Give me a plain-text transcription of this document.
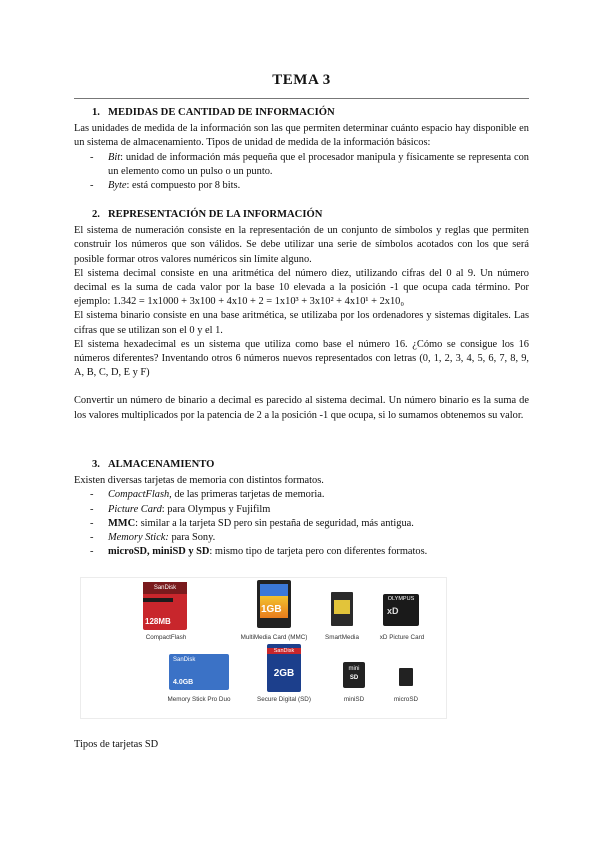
TEMA 3
1. MEDIDAS DE CANTIDAD DE INFORMACIÓN

Las unidades de medida de la información son las que permiten determinar cuánto espacio hay disponible en un sistema de almacenamiento. Tipos de unidad de medida de la información básicos:

- Bit: unidad de información más pequeña que el procesador manipula y físicamente se representa con un elemento como un pulso o un punto.
- Byte: está compuesto por 8 bits.
2. REPRESENTACIÓN DE LA INFORMACIÓN

El sistema de numeración consiste en la representación de un conjunto de símbolos y reglas que permiten construir los números que son válidos. Se debe utilizar una serie de símbolos acotados con los que será posible formar otros valores numéricos sin límite alguno.

El sistema decimal consiste en una aritmética del número diez, utilizando cifras del 0 al 9. Un número decimal es la suma de cada valor por la base 10 elevada a la posición -1 que ocupa cada término. Por ejemplo: 1.342 = 1x1000 + 3x100 + 4x10 + 2 = 1x10³ + 3x10² + 4x10¹ + 2x10₀

El sistema binario consiste en una base aritmética, se utilizaba por los ordenadores y sistemas digitales. Las cifras que se utilizan son el 0 y el 1.

El sistema hexadecimal es un sistema que utiliza como base el número 16. ¿Cómo se consigue los 16 números diferentes? Inventando otros 6 números nuevos representados con letras (0, 1, 2, 3, 4, 5, 6, 7, 8, 9, A, B, C, D, E y F)

Convertir un número de binario a decimal es parecido al sistema decimal. Un número binario es la suma de los valores multiplicados por la patencia de 2 a la posición -1 que ocupa, si lo sumamos obtenemos su valor.

3. ALMACENAMIENTO

Existen diversas tarjetas de memoria con distintos formatos.

- CompactFlash, de las primeras tarjetas de memoria.
- Picture Card: para Olympus y Fujifilm
- MMC: similar a la tarjeta SD pero sin pestaña de seguridad, más antigua.
- Memory Stick: para Sony.
- microSD, miniSD y SD: mismo tipo de tarjeta pero con diferentes formatos.
SanDisk
128MB
CompactFlash
1GB
MultiMedia Card (MMC)	SmartMedia
OLYMPUS
xD
xD Picture Card
SanDisk
4.0GB
Memory Stick Pro Duo
SanDisk
2GB
Secure Digital (SD)
mini
SD
miniSD	microSD
Tipos de tarjetas SD
